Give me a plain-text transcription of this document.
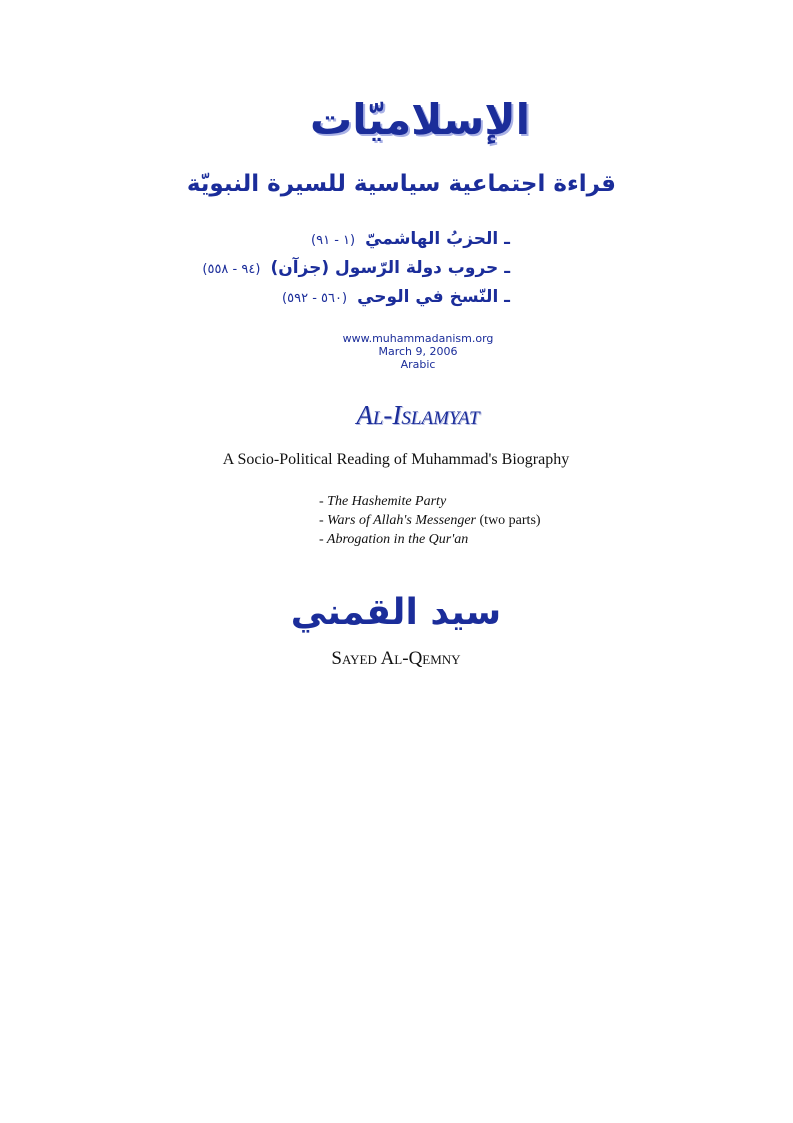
الإسلاميّات
قراءة اجتماعية سياسية للسيرة النبويّة
ـ الحزبُ الهاشميّ(١ - ٩١)
ـ حروب دولة الرّسول (جزآن)(٩٤ - ٥٥٨)
ـ النّسخ في الوحي(٥٦٠ - ٥٩٢)
www.muhammadanism.org
March 9, 2006
Arabic
Al-Islamyat
A Socio-Political Reading of Muhammad's Biography
- The Hashemite Party
- Wars of Allah's Messenger (two parts)
- Abrogation in the Qur'an
سيد القمني
Sayed Al-Qemny
